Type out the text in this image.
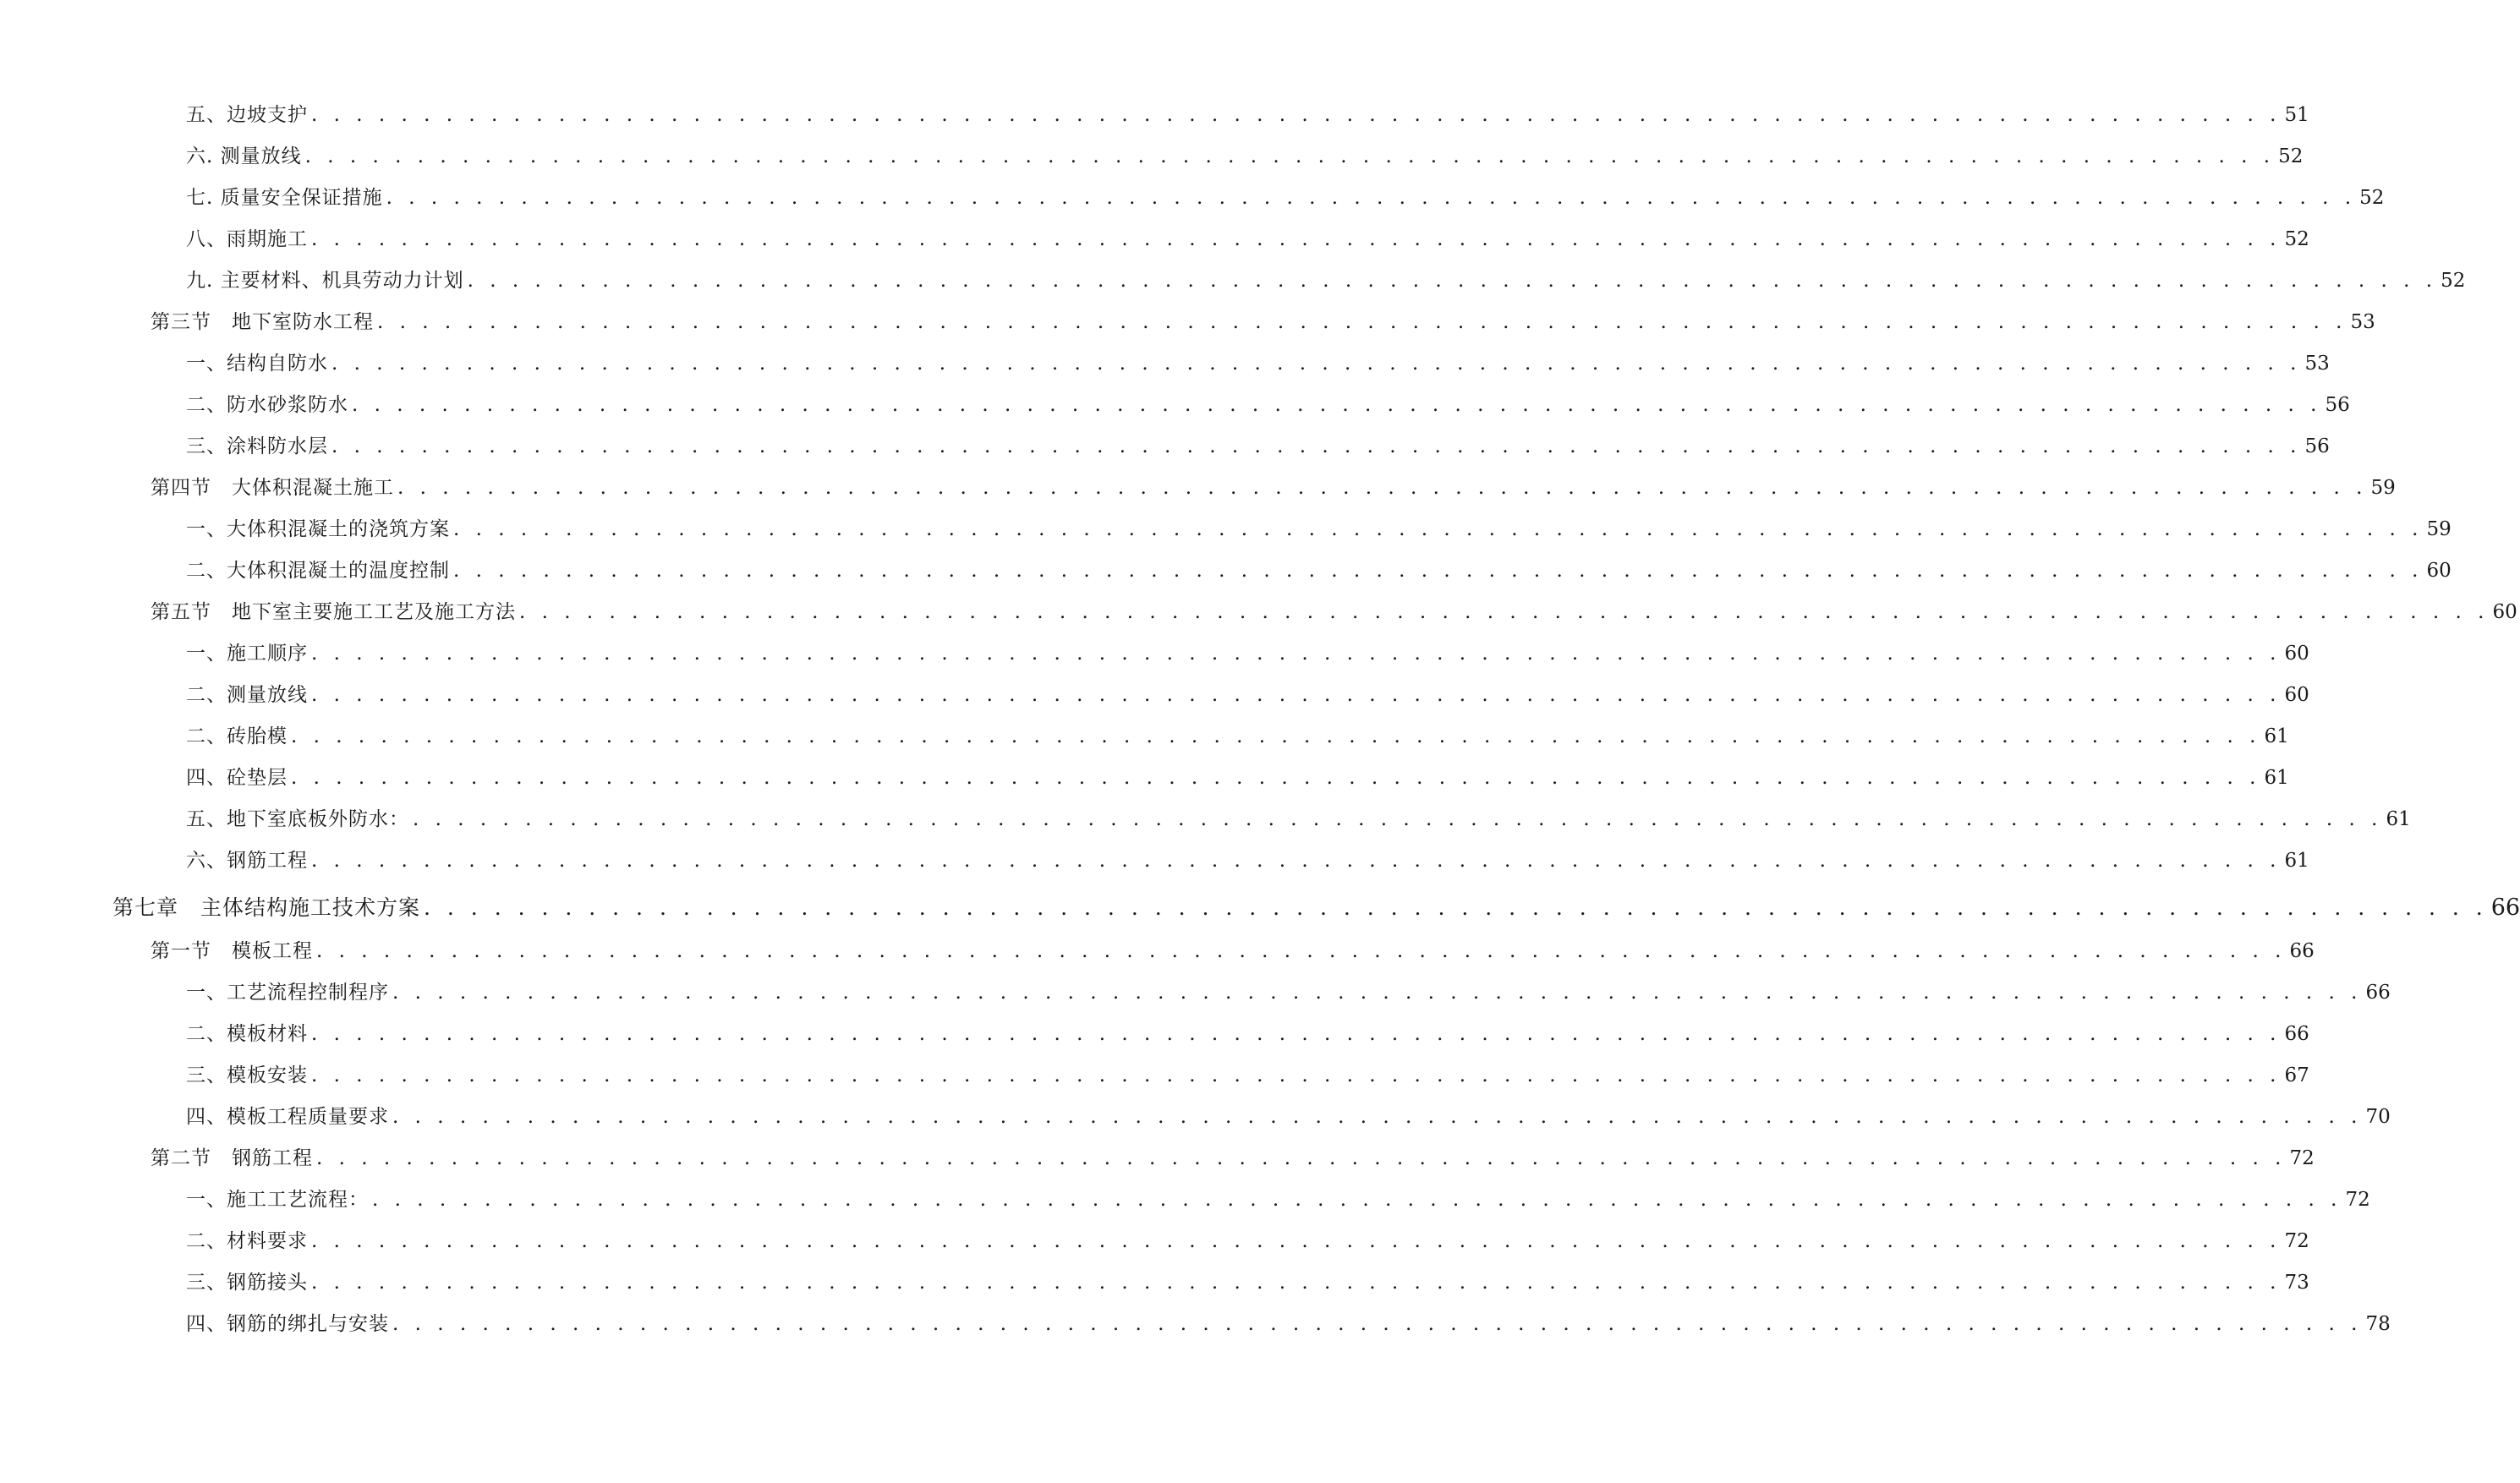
五、边坡支护 . . . . . . . . . . . . . . . . . . . . . . . . . . . . . . . . . . . . . . . . . . . . . . . . . . . . . . . . . . . . . . . . . . . . . . . . . . . . . . . . . . . . . . . . 51
六. 测量放线 . . . . . . . . . . . . . . . . . . . . . . . . . . . . . . . . . . . . . . . . . . . . . . . . . . . . . . . . . . . . . . . . . . . . . . . . . . . . . . . . . . . . . . . . 52
七. 质量安全保证措施 . . . . . . . . . . . . . . . . . . . . . . . . . . . . . . . . . . . . . . . . . . . . . . . . . . . . . . . . . . . . . . . . . . . . . . . . . . . . . . . . . . . . . . . . 52
八、雨期施工 . . . . . . . . . . . . . . . . . . . . . . . . . . . . . . . . . . . . . . . . . . . . . . . . . . . . . . . . . . . . . . . . . . . . . . . . . . . . . . . . . . . . . . . . 52
九. 主要材料、机具劳动力计划 . . . . . . . . . . . . . . . . . . . . . . . . . . . . . . . . . . . . . . . . . . . . . . . . . . . . . . . . . . . . . . . . . . . . . . . . . . . . . . . . . . . . . . . . 52
第三节　地下室防水工程 . . . . . . . . . . . . . . . . . . . . . . . . . . . . . . . . . . . . . . . . . . . . . . . . . . . . . . . . . . . . . . . . . . . . . . . . . . . . . . . . . . . . . . . . 53
一、结构自防水 . . . . . . . . . . . . . . . . . . . . . . . . . . . . . . . . . . . . . . . . . . . . . . . . . . . . . . . . . . . . . . . . . . . . . . . . . . . . . . . . . . . . . . . . 53
二、防水砂浆防水 . . . . . . . . . . . . . . . . . . . . . . . . . . . . . . . . . . . . . . . . . . . . . . . . . . . . . . . . . . . . . . . . . . . . . . . . . . . . . . . . . . . . . . . . 56
三、涂料防水层 . . . . . . . . . . . . . . . . . . . . . . . . . . . . . . . . . . . . . . . . . . . . . . . . . . . . . . . . . . . . . . . . . . . . . . . . . . . . . . . . . . . . . . . . 56
第四节　大体积混凝土施工 . . . . . . . . . . . . . . . . . . . . . . . . . . . . . . . . . . . . . . . . . . . . . . . . . . . . . . . . . . . . . . . . . . . . . . . . . . . . . . . . . . . . . . . . 59
一、大体积混凝土的浇筑方案 . . . . . . . . . . . . . . . . . . . . . . . . . . . . . . . . . . . . . . . . . . . . . . . . . . . . . . . . . . . . . . . . . . . . . . . . . . . . . . . . . . . . . . . . 59
二、大体积混凝土的温度控制 . . . . . . . . . . . . . . . . . . . . . . . . . . . . . . . . . . . . . . . . . . . . . . . . . . . . . . . . . . . . . . . . . . . . . . . . . . . . . . . . . . . . . . . . 60
第五节　地下室主要施工工艺及施工方法 . . . . . . . . . . . . . . . . . . . . . . . . . . . . . . . . . . . . . . . . . . . . . . . . . . . . . . . . . . . . . . . . . . . . . . . . . . . . . . . . . . . . . . . . 60
一、施工顺序 . . . . . . . . . . . . . . . . . . . . . . . . . . . . . . . . . . . . . . . . . . . . . . . . . . . . . . . . . . . . . . . . . . . . . . . . . . . . . . . . . . . . . . . . 60
二、测量放线 . . . . . . . . . . . . . . . . . . . . . . . . . . . . . . . . . . . . . . . . . . . . . . . . . . . . . . . . . . . . . . . . . . . . . . . . . . . . . . . . . . . . . . . . 60
二、砖胎模 . . . . . . . . . . . . . . . . . . . . . . . . . . . . . . . . . . . . . . . . . . . . . . . . . . . . . . . . . . . . . . . . . . . . . . . . . . . . . . . . . . . . . . . . 61
四、砼垫层 . . . . . . . . . . . . . . . . . . . . . . . . . . . . . . . . . . . . . . . . . . . . . . . . . . . . . . . . . . . . . . . . . . . . . . . . . . . . . . . . . . . . . . . . 61
五、地下室底板外防水： . . . . . . . . . . . . . . . . . . . . . . . . . . . . . . . . . . . . . . . . . . . . . . . . . . . . . . . . . . . . . . . . . . . . . . . . . . . . . . . . . . . . . . . . 61
六、钢筋工程 . . . . . . . . . . . . . . . . . . . . . . . . . . . . . . . . . . . . . . . . . . . . . . . . . . . . . . . . . . . . . . . . . . . . . . . . . . . . . . . . . . . . . . . . 61
第七章　主体结构施工技术方案 . . . . . . . . . . . . . . . . . . . . . . . . . . . . . . . . . . . . . . . . . . . . . . . . . . . . . . . . . . . . . . . . . . . . . . . . . . . . . . . . . . . . . . . . 66
第一节　模板工程 . . . . . . . . . . . . . . . . . . . . . . . . . . . . . . . . . . . . . . . . . . . . . . . . . . . . . . . . . . . . . . . . . . . . . . . . . . . . . . . . . . . . . . . . 66
一、工艺流程控制程序 . . . . . . . . . . . . . . . . . . . . . . . . . . . . . . . . . . . . . . . . . . . . . . . . . . . . . . . . . . . . . . . . . . . . . . . . . . . . . . . . . . . . . . . . 66
二、模板材料 . . . . . . . . . . . . . . . . . . . . . . . . . . . . . . . . . . . . . . . . . . . . . . . . . . . . . . . . . . . . . . . . . . . . . . . . . . . . . . . . . . . . . . . . 66
三、模板安装 . . . . . . . . . . . . . . . . . . . . . . . . . . . . . . . . . . . . . . . . . . . . . . . . . . . . . . . . . . . . . . . . . . . . . . . . . . . . . . . . . . . . . . . . 67
四、模板工程质量要求 . . . . . . . . . . . . . . . . . . . . . . . . . . . . . . . . . . . . . . . . . . . . . . . . . . . . . . . . . . . . . . . . . . . . . . . . . . . . . . . . . . . . . . . . 70
第二节　钢筋工程 . . . . . . . . . . . . . . . . . . . . . . . . . . . . . . . . . . . . . . . . . . . . . . . . . . . . . . . . . . . . . . . . . . . . . . . . . . . . . . . . . . . . . . . . 72
一、施工工艺流程： . . . . . . . . . . . . . . . . . . . . . . . . . . . . . . . . . . . . . . . . . . . . . . . . . . . . . . . . . . . . . . . . . . . . . . . . . . . . . . . . . . . . . . . . 72
二、材料要求 . . . . . . . . . . . . . . . . . . . . . . . . . . . . . . . . . . . . . . . . . . . . . . . . . . . . . . . . . . . . . . . . . . . . . . . . . . . . . . . . . . . . . . . . 72
三、钢筋接头 . . . . . . . . . . . . . . . . . . . . . . . . . . . . . . . . . . . . . . . . . . . . . . . . . . . . . . . . . . . . . . . . . . . . . . . . . . . . . . . . . . . . . . . . 73
四、钢筋的绑扎与安装 . . . . . . . . . . . . . . . . . . . . . . . . . . . . . . . . . . . . . . . . . . . . . . . . . . . . . . . . . . . . . . . . . . . . . . . . . . . . . . . . . . . . . . . . 78
